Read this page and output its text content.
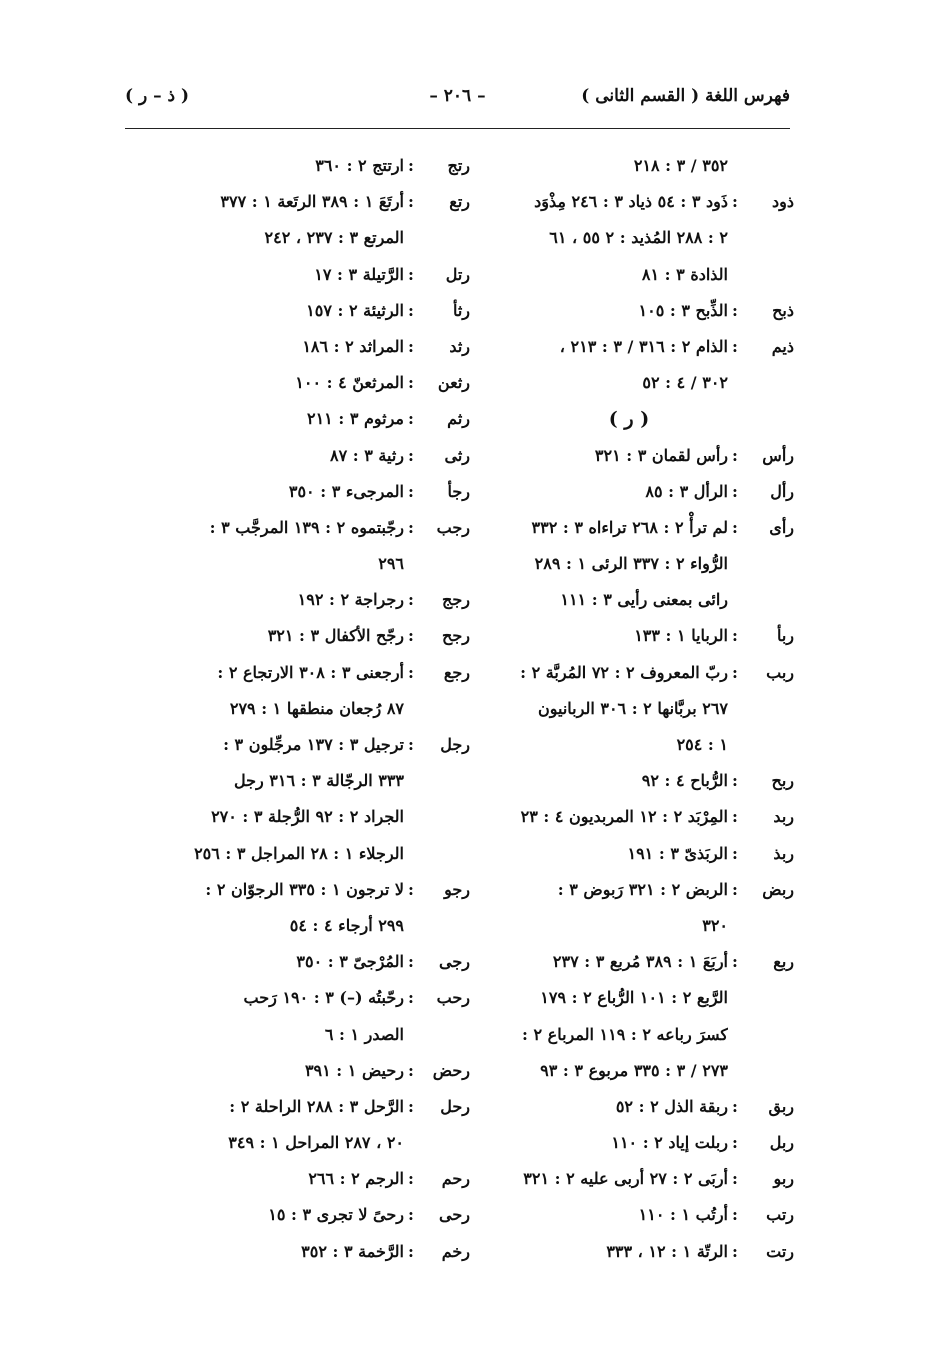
فهرس اللغة ( القسم الثانى )
– ٢٠٦ –
( ذ – ر )
٣٥٢ / ٣ : ٢١٨
ذود
:
ذَود ٣ : ٥٤ ذياد ٣ : ٢٤٦ مِذْوَد
٢ : ٢٨٨ المُذيد : ٢ ٥٥ ، ٦١
الذادة ٣ : ٨١
ذبح
:
الذِّبح ٣ : ١٠٥
ذيم
:
الذام ٢ : ٣١٦ / ٣ : ٢١٣ ،
٣٠٢ / ٤ : ٥٢
( ر )
رأس
:
رأس لقمان ٣ : ٣٢١
رأل
:
الرأل ٣ : ٨٥
رأى
:
لم ترأْ ٢ : ٢٦٨ تراءاه ٣ : ٣٣٢
الرُّواء ٢ : ٣٣٧ الرئى ١ : ٢٨٩
رائى بمعنى رأيى ٣ : ١١١
ربأ
:
الربايا ١ : ١٣٣
ربب
:
ربّ المعروف ٢ : ٧٢ المُربَّة ٢ :
٢٦٧ بربَّانها ٢ : ٣٠٦ الربانيون
١ : ٢٥٤
ربح
:
الرُّباح ٤ : ٩٢
ربد
:
المِرْبَد ٢ : ١٢ المربديون ٤ : ٢٣
ربذ
:
الربَذىّ ٣ : ١٩١
ربض
:
الربض ٢ : ٣٢١ رَبوض ٣ :
٣٢٠
ربع
:
أربَعَ ١ : ٣٨٩ مُربع ٣ : ٢٣٧
الرَّبع ٢ : ١٠١ الرُّباع ٢ : ١٧٩
كسرَ رباعه ٢ : ١١٩ المرباع ٢ :
٢٧٣ / ٣ : ٣٣٥ مربوع ٣ : ٩٣
ربق
:
ربقة الذل ٢ : ٥٢
ربل
:
ربلت إياد ٢ : ١١٠
ربو
:
أربَى ٢ : ٢٧ أربى عليه ٢ : ٣٢١
رتب
:
أرتُب ١ : ١١٠
رتت
:
الرتّة ١ : ١٢ ، ٣٣٣
رتج
:
ارتتج ٢ : ٣٦٠
رتع
:
أرتَعَ ١ : ٣٨٩ الرتَعة ١ : ٣٧٧
المرتع ٣ : ٢٣٧ ، ٢٤٢
رتل
:
الرَّتيلة ٣ : ١٧
رثأ
:
الرثيئة ٢ : ١٥٧
رثد
:
المراثد ٢ : ١٨٦
رثعن
:
المرثعنّ ٤ : ١٠٠
رثم
:
مرثوم ٣ : ٢١١
رثى
:
رثية ٣ : ٨٧
رجأ
:
المرجىء ٣ : ٣٥٠
رجب
:
رجّبتموه ٢ : ١٣٩ المرجَّب ٣ :
٢٩٦
رجج
:
رجراجة ٢ : ١٩٢
رجح
:
رجّح الأكفال ٣ : ٣٢١
رجع
:
أرجعنى ٣ : ٣٠٨ الارتجاع ٢ :
٨٧ رُجعان منطقها ١ : ٢٧٩
رجل
:
ترجيل ٣ : ١٣٧ مرجِّلون ٣ :
٣٣٣ الرجّالة ٣ : ٣١٦ رجل
الجراد ٢ : ٩٢ الرُّجلة ٣ : ٢٧٠
الرجلاء ١ : ٢٨ المراجل ٣ : ٢٥٦
رجو
:
لا ترجون ١ : ٣٣٥ الرجوّان ٢ :
٢٩٩ أرجاء ٤ : ٥٤
رجى
:
المُرْجىّ ٣ : ٣٥٠
رحب
:
رحّبتُه (–) ٣ : ١٩٠ رَحب
الصدر ١ : ٦
رحض
:
رحيض ١ : ٣٩١
رحل
:
الرَّحل ٣ : ٢٨٨ الراحلة ٢ :
٢٠ ، ٢٨٧ المراحل ١ : ٣٤٩
رحم
:
الرجم ٢ : ٢٦٦
رحى
:
رحىً لا تجرى ٣ : ١٥
رخم
:
الرَّخمة ٣ : ٣٥٢
